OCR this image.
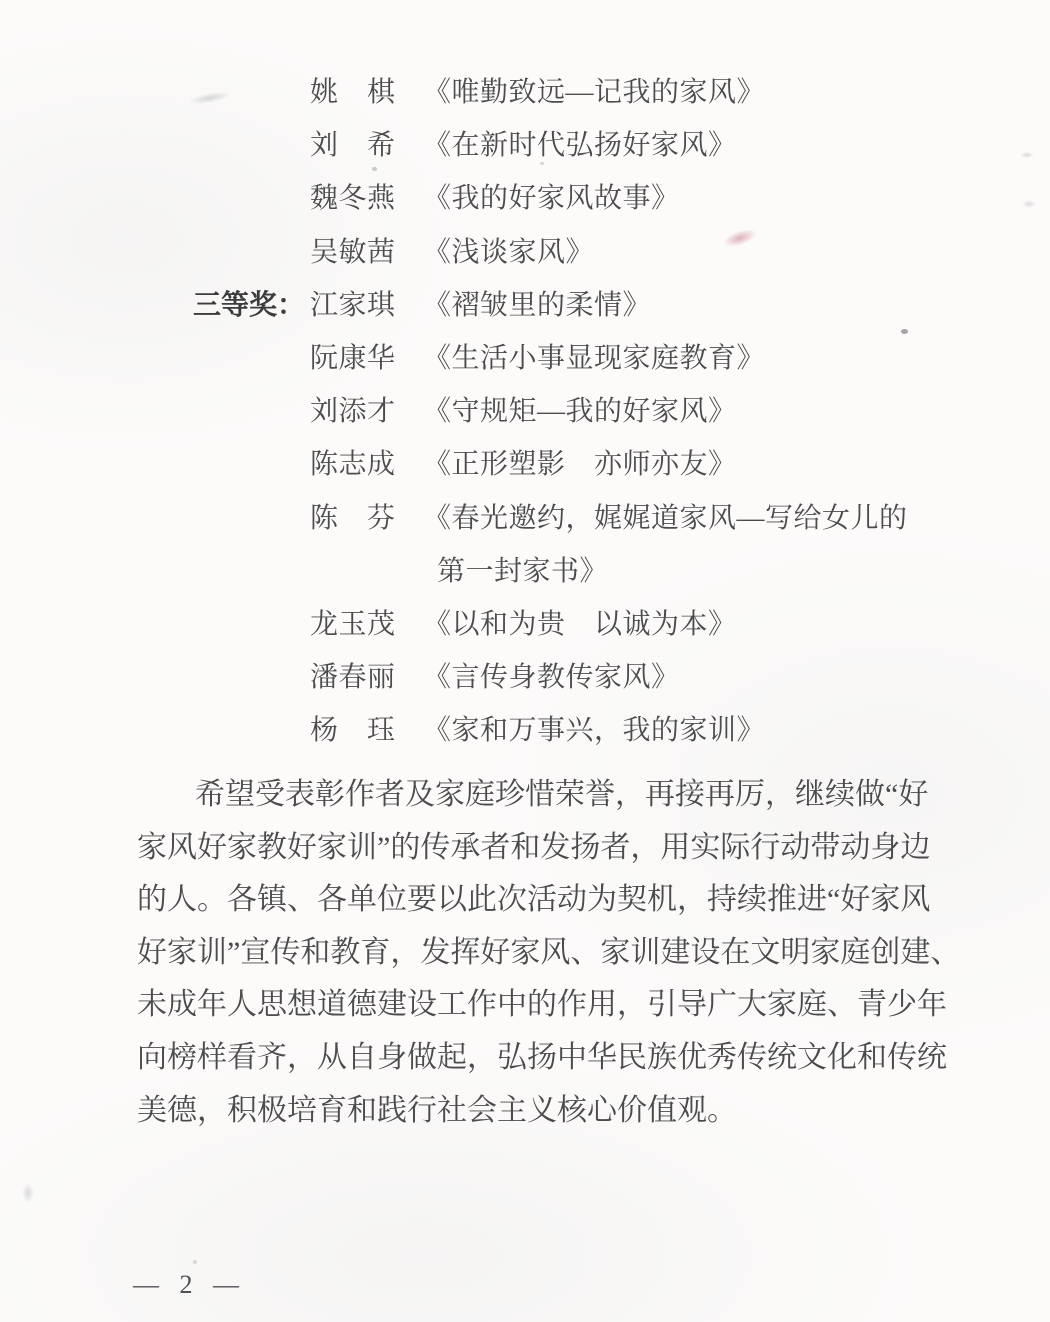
姚　棋 《唯勤致远—记我的家风》
刘　希 《在新时代弘扬好家风》
魏冬燕 《我的好家风故事》
吴敏茜 《浅谈家风》
三等奖： 江家琪 《褶皱里的柔情》
阮康华 《生活小事显现家庭教育》
刘添才 《守规矩—我的好家风》
陈志成 《正形塑影　亦师亦友》
陈　芬 《春光邀约，娓娓道家风—写给女儿的
第一封家书》
龙玉茂 《以和为贵　以诚为本》
潘春丽 《言传身教传家风》
杨　珏 《家和万事兴，我的家训》
希望受表彰作者及家庭珍惜荣誉，再接再厉，继续做“好
家风好家教好家训”的传承者和发扬者，用实际行动带动身边
的人。各镇、各单位要以此次活动为契机，持续推进“好家风
好家训”宣传和教育，发挥好家风、家训建设在文明家庭创建、
未成年人思想道德建设工作中的作用，引导广大家庭、青少年
向榜样看齐，从自身做起，弘扬中华民族优秀传统文化和传统
美德，积极培育和践行社会主义核心价值观。
— 2 —
